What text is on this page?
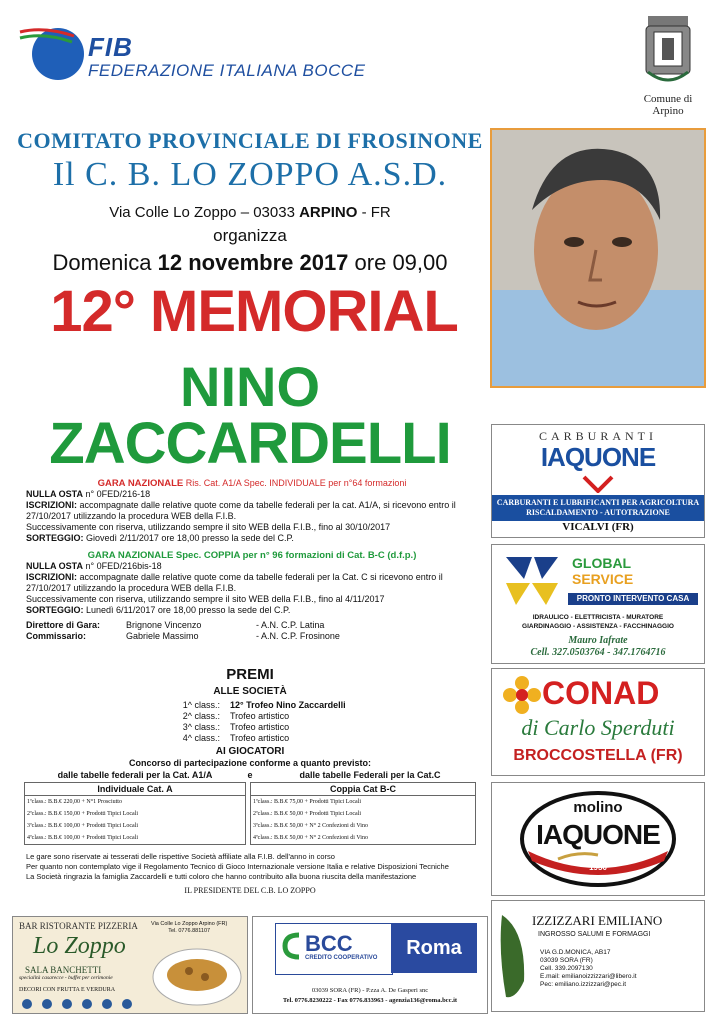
FIB
FEDERAZIONE ITALIANA BOCCE
Comune di Arpino
COMITATO PROVINCIALE DI FROSINONE
Il C. B. LO ZOPPO A.S.D.
Via Colle Lo Zoppo – 03033 ARPINO - FR
organizza
Domenica 12 novembre 2017 ore 09,00
12° MEMORIAL
NINO
ZACCARDELLI

GARA NAZIONALE Ris. Cat. A1/A Spec. INDIVIDUALE per n°64 formazioni

NULLA OSTA n° 0FED/216-18

ISCRIZIONI: accompagnate dalle relative quote come da tabelle federali per la cat. A1/A, si ricevono entro il 27/10/2017 utilizzando la procedura WEB della F.I.B.

Successivamente con riserva, utilizzando sempre il sito WEB della F.I.B., fino al 30/10/2017

SORTEGGIO: Giovedì 2/11/2017 ore 18,00 presso la sede del C.P.

GARA NAZIONALE Spec. COPPIA per n° 96 formazioni di Cat. B-C (d.f.p.)

NULLA OSTA n° 0FED/216bis-18

ISCRIZIONI: accompagnate dalle relative quote come da tabelle federali per la Cat. C si ricevono entro il 27/10/2017 utilizzando la procedura WEB della F.I.B.

Successivamente con riserva, utilizzando sempre il sito WEB della F.I.B., fino al 4/11/2017

SORTEGGIO: Lunedì 6/11/2017 ore 18,00 presso la sede del C.P.

Direttore di Gara:	Brignone Vincenzo	- A.N. C.P. Latina
Commissario:	Gabriele Massimo	- A.N. C.P. Frosinone
PREMI
ALLE SOCIETÀ
1^ class.:	12° Trofeo Nino Zaccardelli
2^ class.:	Trofeo artistico
3^ class.:	Trofeo artistico
4^ class.:	Trofeo artistico
AI GIOCATORI
Concorso di partecipazione conforme a quanto previsto:
dalle tabelle federali per la Cat. A1/A	e	dalle tabelle Federali per la Cat.C
Individuale Cat. A
1ªclass.: B.B.€ 220,00 + N°1 Prosciutto
2ªclass.: B.B.€ 150,00 + Prodotti Tipici Locali
3ªclass.: B.B.€ 100,00 + Prodotti Tipici Locali
4ªclass.: B.B.€ 100,00 + Prodotti Tipici Locali
Coppia Cat B-C
1ªclass.: B.B.€ 75,00 + Prodotti Tipici Locali
2ªclass.: B.B.€ 50,00 + Prodotti Tipici Locali
3ªclass.: B.B.€ 50,00 + N° 2 Confezioni di Vino
4ªclass.: B.B.€ 50,00 + N° 2 Confezioni di Vino
Le gare sono riservate ai tesserati delle rispettive Società affiliate alla F.I.B. dell'anno in corso
Per quanto non contemplato vige il Regolamento Tecnico di Gioco Internazionale versione Italia e relative Disposizioni Tecniche
La Società ringrazia la famiglia Zaccardelli e tutti coloro che hanno contribuito alla buona riuscita della manifestazione
IL PRESIDENTE DEL C.B. LO ZOPPO
CARBURANTI
IAQUONE
CARBURANTI E LUBRIFICANTI PER AGRICOLTURA
RISCALDAMENTO - AUTOTRAZIONE
VICALVI (FR)
GLOBAL
SERVICE
PRONTO INTERVENTO CASA
IDRAULICO - ELETTRICISTA - MURATORE
GIARDINAGGIO - ASSISTENZA - FACCHINAGGIO
Mauro Iafrate
Cell. 327.0503764 - 347.1764716
CONAD
di Carlo Sperduti
BROCCOSTELLA (FR)
molino
IAQUONE
1950
IZZIZZARI EMILIANO
INGROSSO SALUMI E FORMAGGI
VIA G.D.MONICA, AB17
03039 SORA (FR)
Cell. 339.2097130
E.mail: emilianoizzizzari@libero.it
Pec: emiliano.izzizzari@pec.it
BAR RISTORANTE PIZZERIA Via Colle Lo Zoppo Arpino (FR)
Tel. 0776.881107
Lo Zoppo
SALA BANCHETTI
specialità casarecce - buffet per cerimonie
DECORI CON FRUTTA E VERDURA
BCC
CREDITO COOPERATIVO	Roma
03039 SORA (FR) - P.zza A. De Gasperi snc
Tel. 0776.8230222 - Fax 0776.833963 - agenzia136@roma.bcc.it
